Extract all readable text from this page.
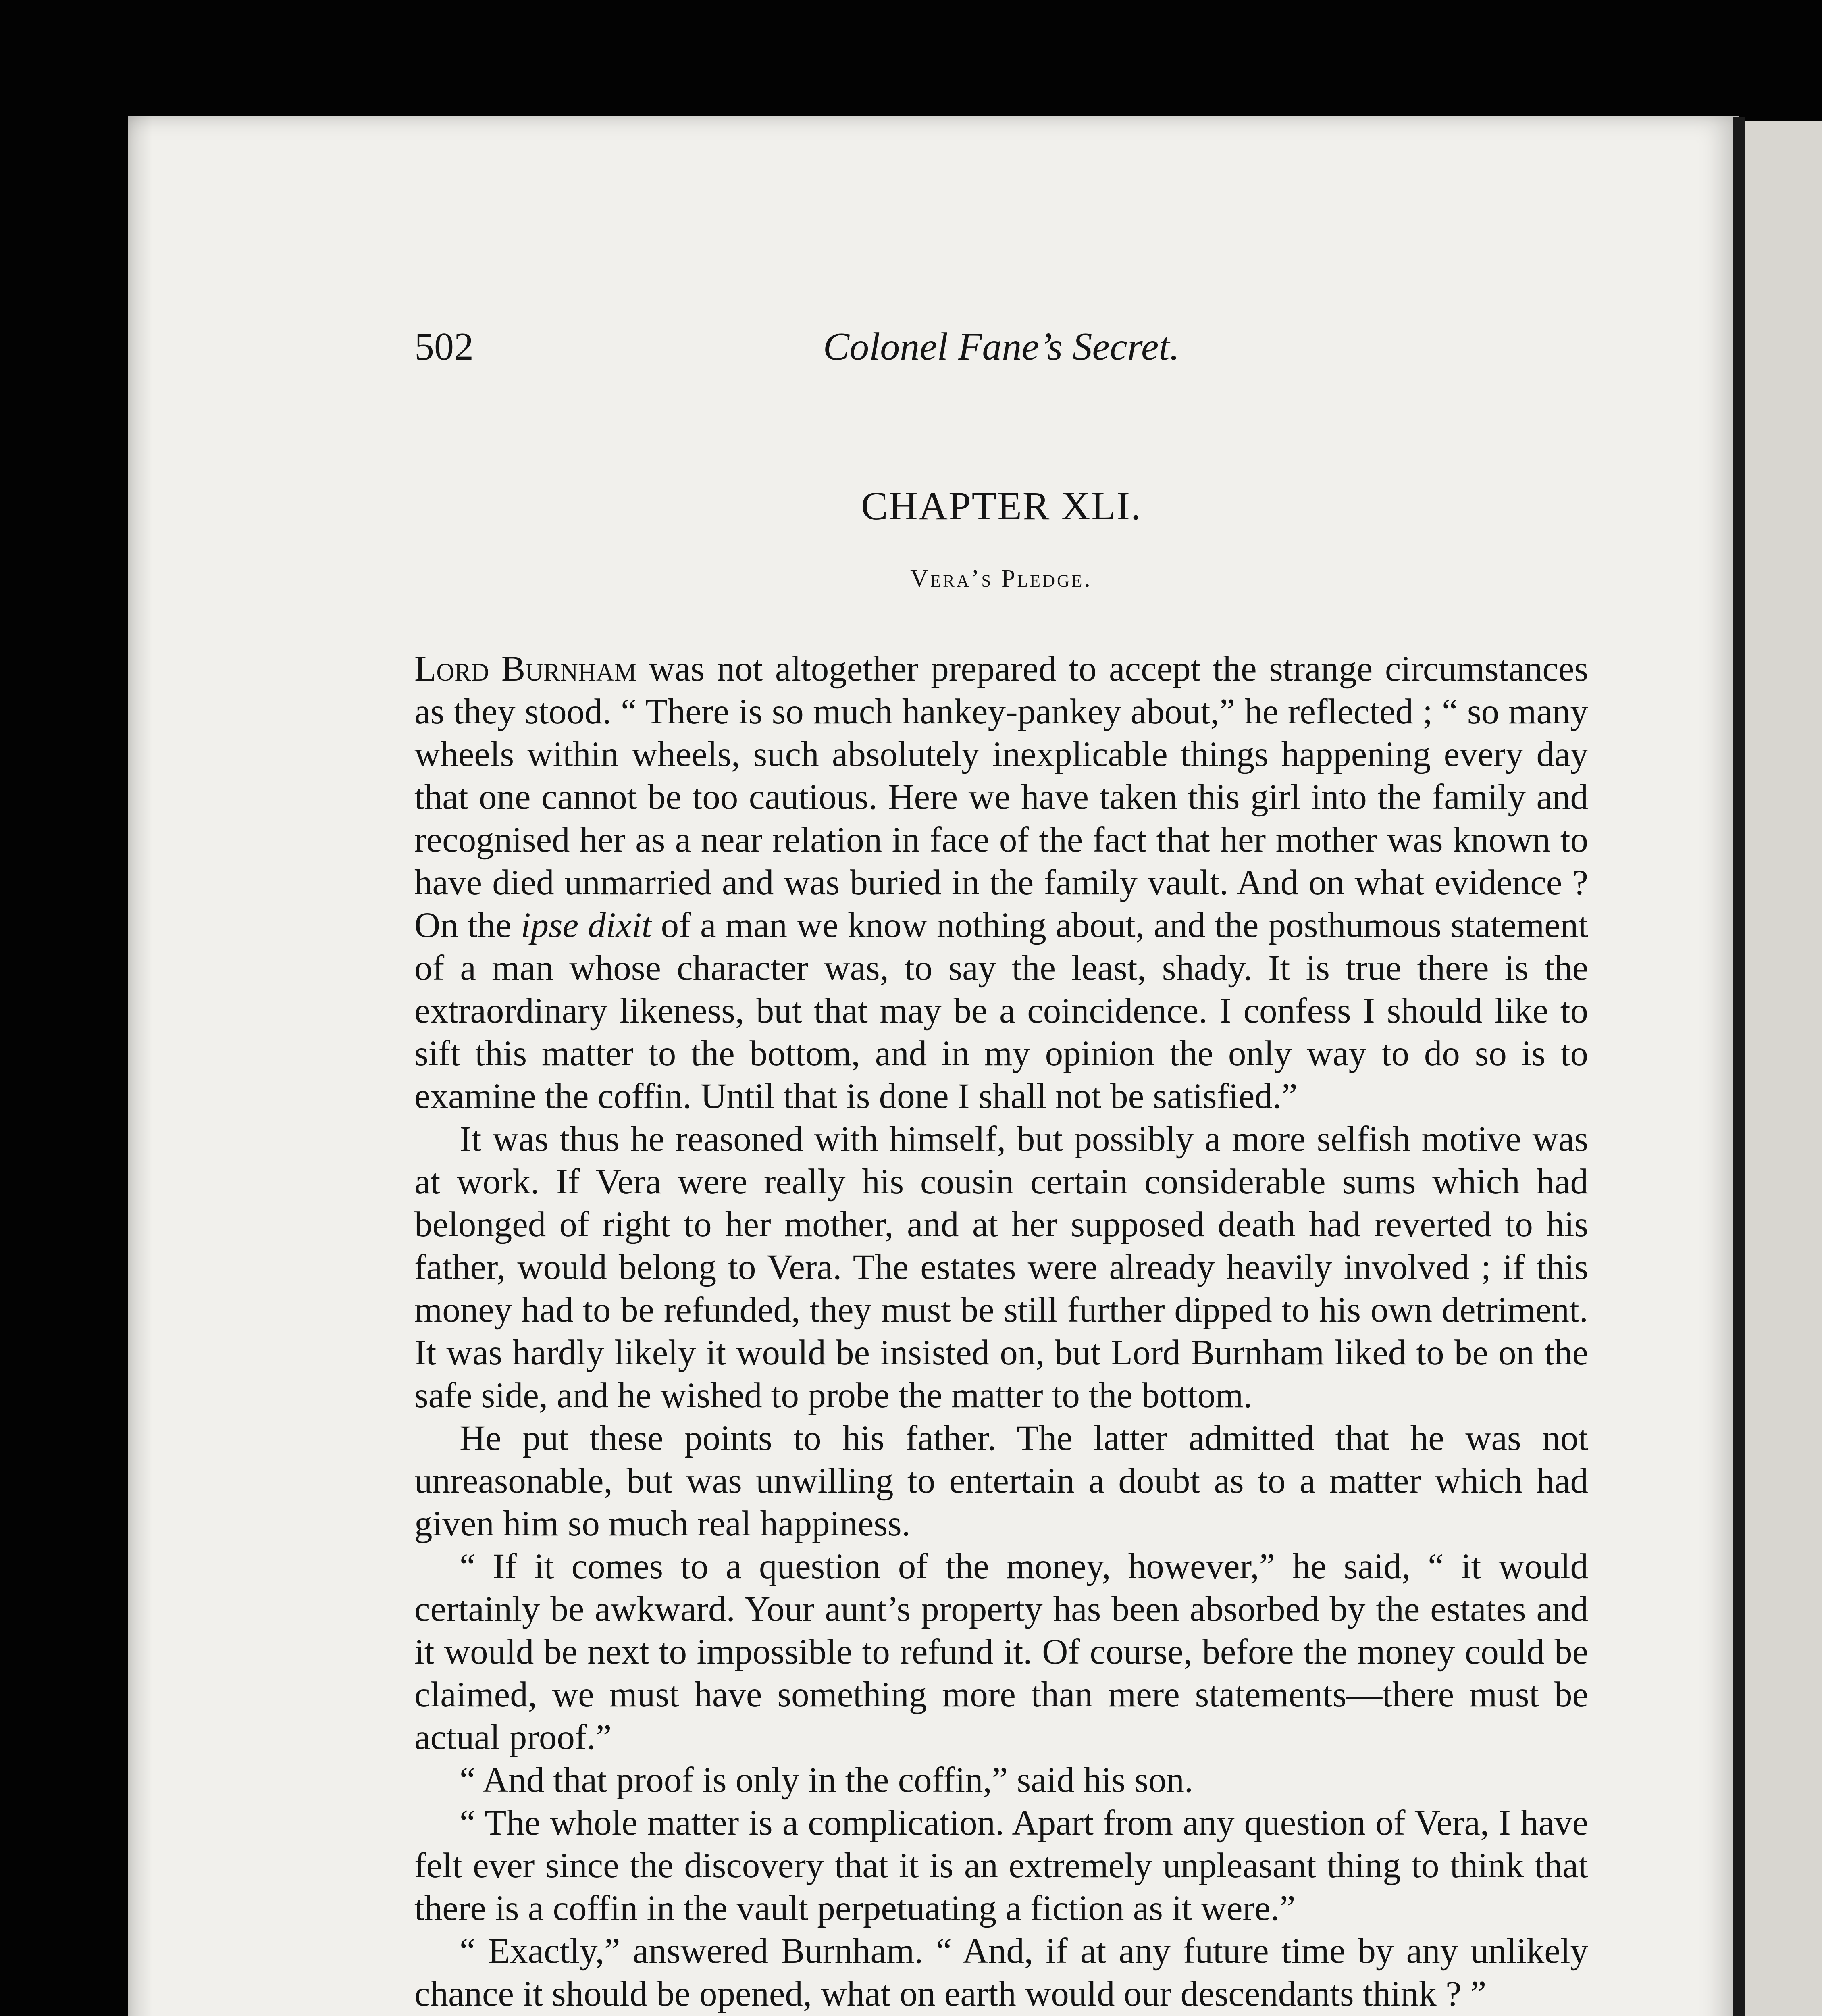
502	Colonel Fane’s Secret.
CHAPTER XLI.
Vera’s Pledge.

Lord Burnham was not altogether prepared to accept the strange circumstances as they stood. “ There is so much hankey-pankey about,” he reflected ; “ so many wheels within wheels, such absolutely inexplicable things happening every day that one cannot be too cautious. Here we have taken this girl into the family and recognised her as a near relation in face of the fact that her mother was known to have died unmarried and was buried in the family vault. And on what evidence ? On the ipse dixit of a man we know nothing about, and the posthumous statement of a man whose character was, to say the least, shady. It is true there is the extraordinary likeness, but that may be a coincidence. I confess I should like to sift this matter to the bottom, and in my opinion the only way to do so is to examine the coffin. Until that is done I shall not be satisfied.”

It was thus he reasoned with himself, but possibly a more selfish motive was at work. If Vera were really his cousin certain considerable sums which had belonged of right to her mother, and at her supposed death had reverted to his father, would belong to Vera. The estates were already heavily involved ; if this money had to be refunded, they must be still further dipped to his own detriment. It was hardly likely it would be insisted on, but Lord Burnham liked to be on the safe side, and he wished to probe the matter to the bottom.

He put these points to his father. The latter admitted that he was not unreasonable, but was unwilling to entertain a doubt as to a matter which had given him so much real happiness.

“ If it comes to a question of the money, however,” he said, “ it would certainly be awkward. Your aunt’s property has been absorbed by the estates and it would be next to impossible to refund it. Of course, before the money could be claimed, we must have something more than mere statements—there must be actual proof.”

“ And that proof is only in the coffin,” said his son.

“ The whole matter is a complication. Apart from any question of Vera, I have felt ever since the discovery that it is an extremely unpleasant thing to think that there is a coffin in the vault perpetuating a fiction as it were.”

“ Exactly,” answered Burnham. “ And, if at any future time by any unlikely chance it should be opened, what on earth would our descendants think ? ”
